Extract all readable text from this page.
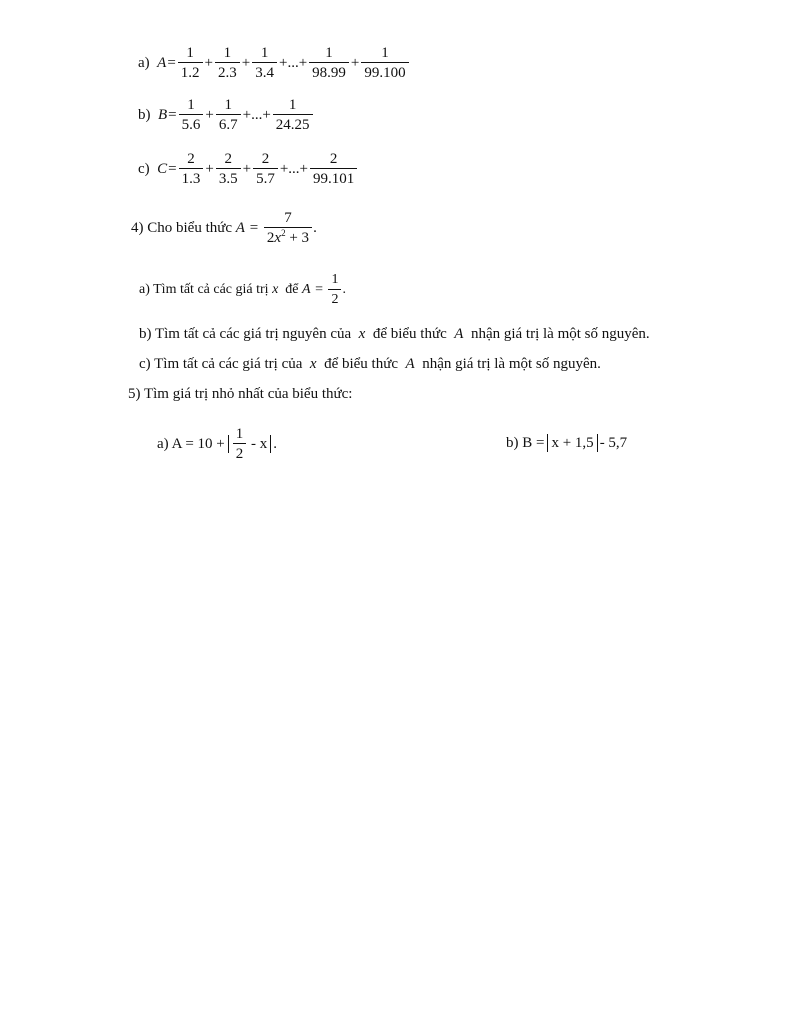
a)
$A = \frac{1}{1.2} + \frac{1}{2.3} + \frac{1}{3.4}$ +...+ $\frac{1}{98.99} + \frac{1}{99.100}$
b)
$B = \frac{1}{5.6} + \frac{1}{6.7}$ +...+ $\frac{1}{24.25}$
c)
$C = \frac{2}{1.3} + \frac{2}{3.5} + \frac{2}{5.7}$ +...+ $\frac{2}{99.101}$
4) Cho biểu thức
A
=
$\frac{7}{2x^2 + 3}$ .
a) Tìm tất cả các giá trị
x
để
A
=
$\frac{1}{2}$ .
b) Tìm tất cả các giá trị nguyên của
x
để biểu thức
A
nhận giá trị là một số nguyên.
c) Tìm tất cả các giá trị của
x
để biểu thức
A
nhận giá trị là một số nguyên.
5) Tìm giá trị nhỏ nhất của biểu thức:
a) $A = 10 + \frac{1}{2}$
- x .	b) B = x + 1,5 - 5,7
